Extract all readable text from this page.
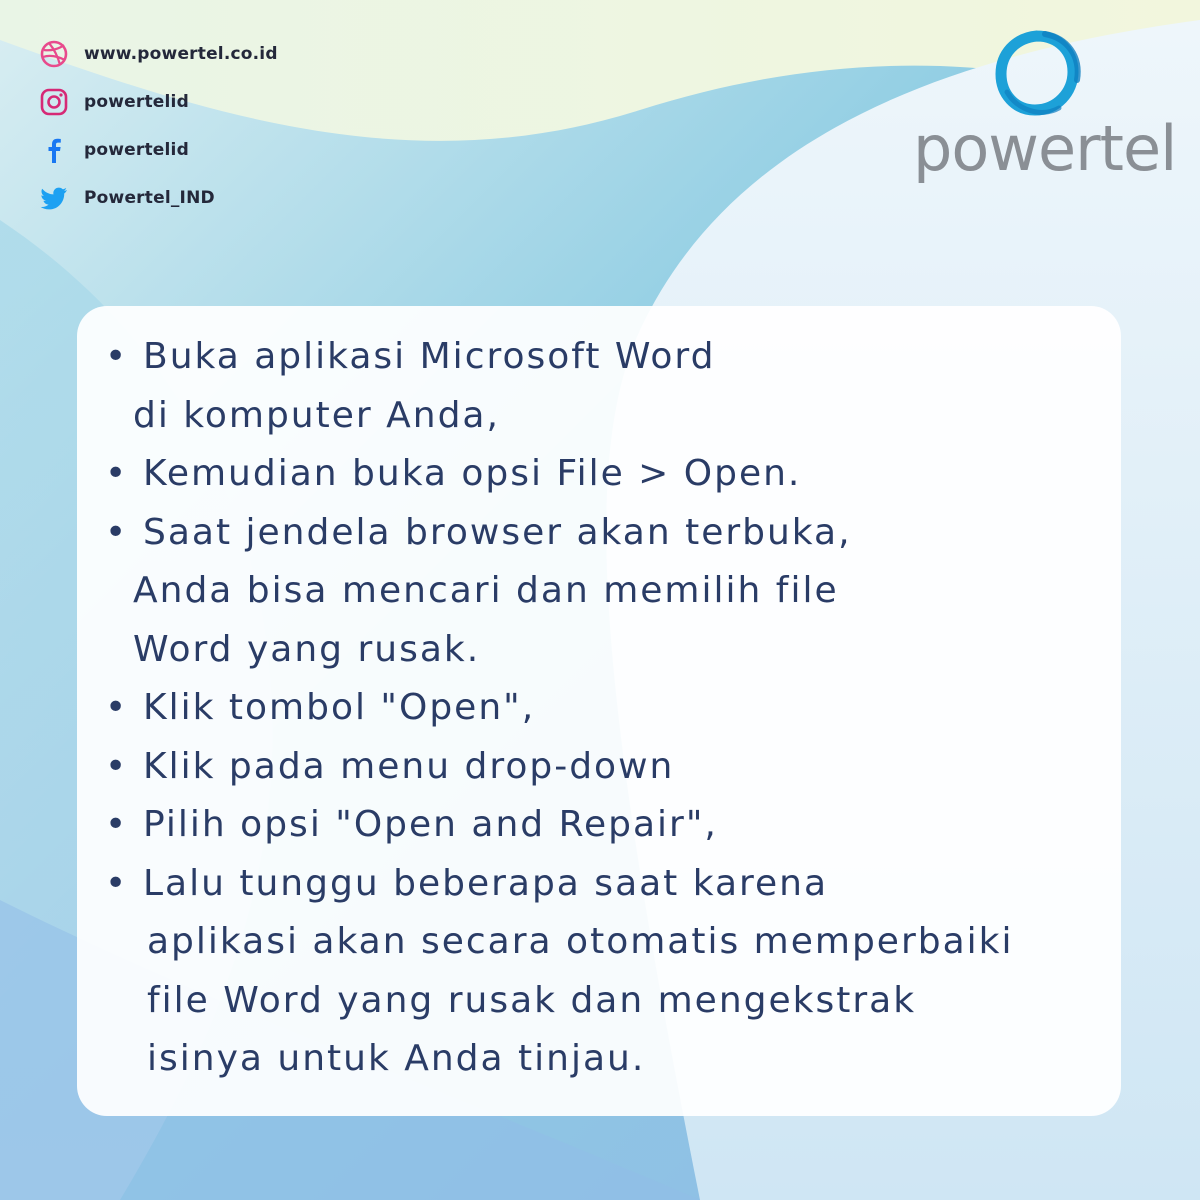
www.powertel.co.id
powertelid
powertelid
Powertel_IND
powertel
• Buka aplikasi Microsoft Word
di komputer Anda,
• Kemudian buka opsi File > Open.
• Saat jendela browser akan terbuka,
Anda bisa mencari dan memilih file
Word yang rusak.
• Klik tombol "Open",
• Klik pada menu drop-down
• Pilih opsi "Open and Repair",
• Lalu tunggu beberapa saat karena
aplikasi akan secara otomatis memperbaiki
file Word yang rusak dan mengekstrak
isinya untuk Anda tinjau.
